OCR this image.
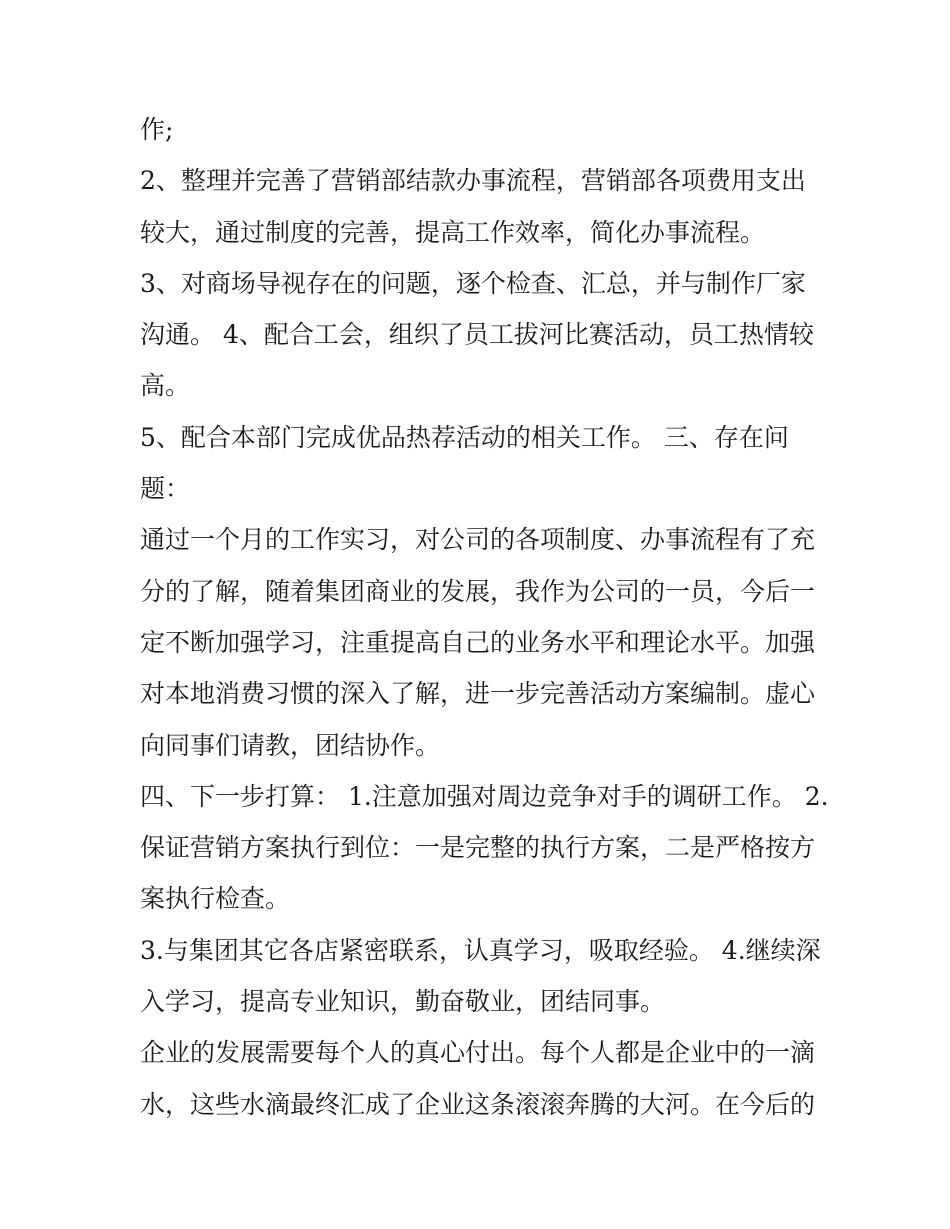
作;
2、整理并完善了营销部结款办事流程，营销部各项费用支出
较大，通过制度的完善，提高工作效率，简化办事流程。
3、对商场导视存在的问题，逐个检查、汇总，并与制作厂家
沟通。 4、配合工会，组织了员工拔河比赛活动，员工热情较
高。
5、配合本部门完成优品热荐活动的相关工作。 三、存在问
题：
通过一个月的工作实习，对公司的各项制度、办事流程有了充
分的了解，随着集团商业的发展，我作为公司的一员，今后一
定不断加强学习，注重提高自己的业务水平和理论水平。加强
对本地消费习惯的深入了解，进一步完善活动方案编制。虚心
向同事们请教，团结协作。
四、下一步打算： 1.注意加强对周边竞争对手的调研工作。 2.
保证营销方案执行到位：一是完整的执行方案，二是严格按方
案执行检查。
3.与集团其它各店紧密联系，认真学习，吸取经验。 4.继续深
入学习，提高专业知识，勤奋敬业，团结同事。
企业的发展需要每个人的真心付出。每个人都是企业中的一滴
水，这些水滴最终汇成了企业这条滚滚奔腾的大河。在今后的
